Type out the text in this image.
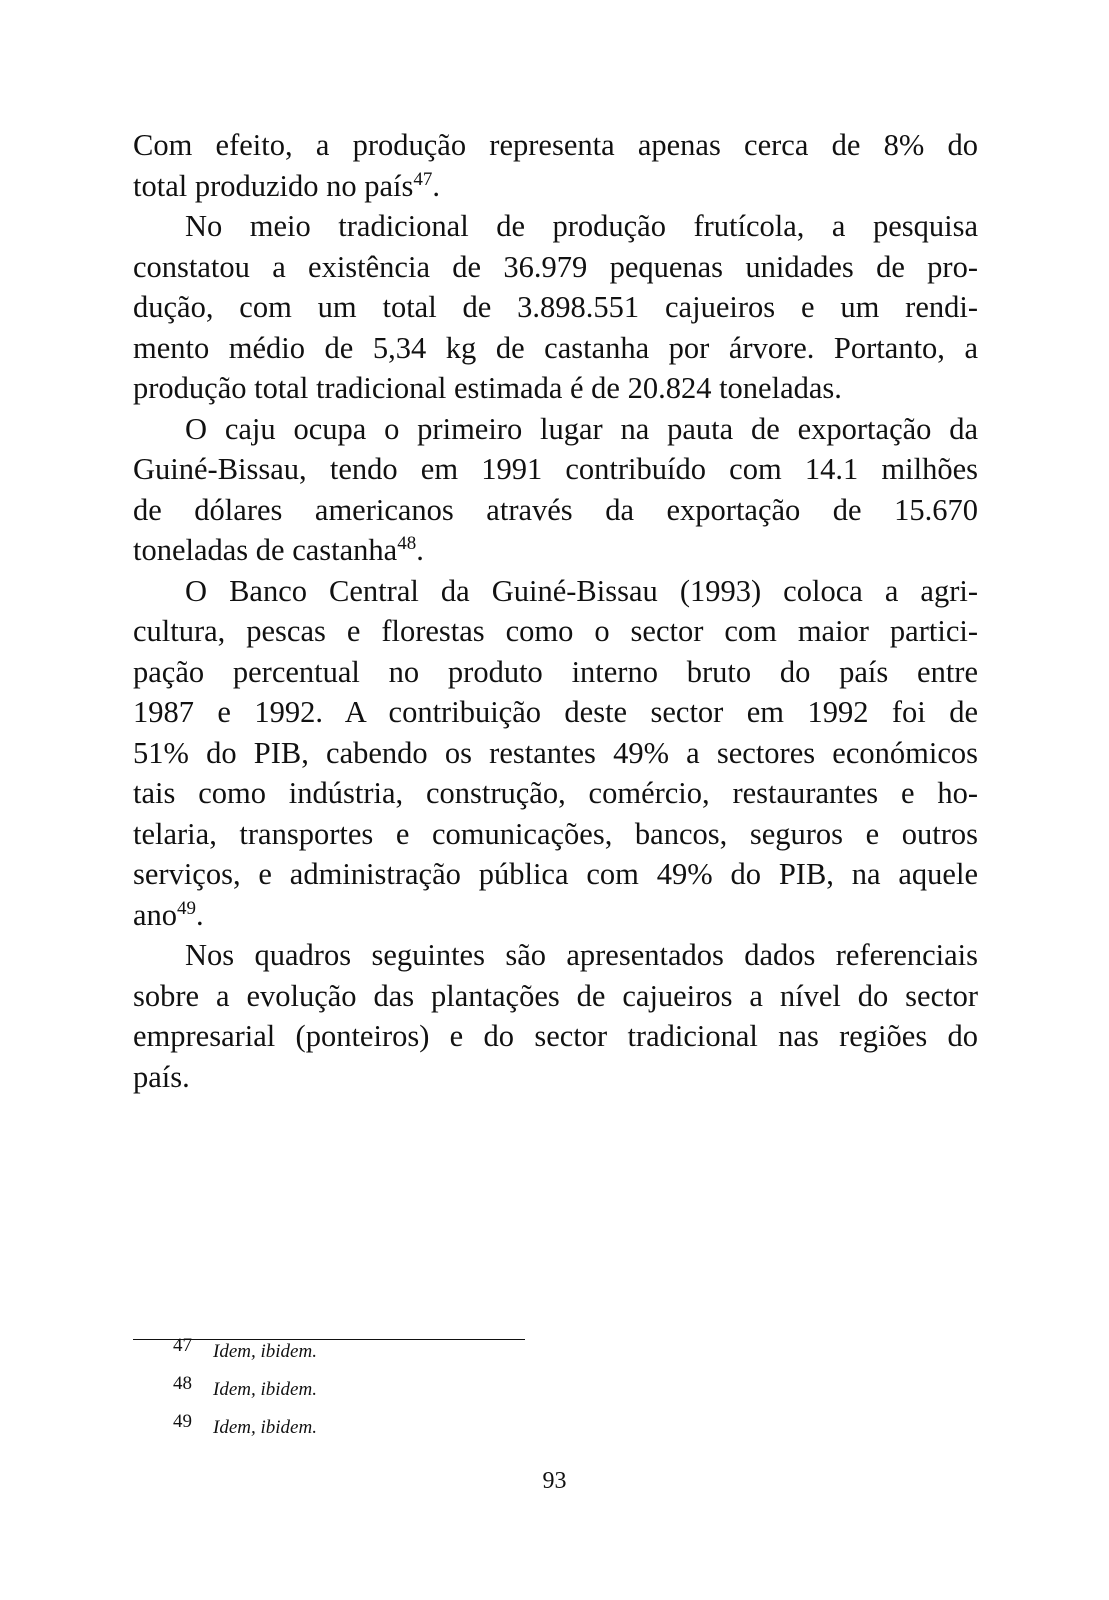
Com efeito, a produção representa apenas cerca de 8% do
total produzido no país$^{47}$.
No meio tradicional de produção frutícola, a pesquisa
constatou a existência de 36.979 pequenas unidades de pro-
dução, com um total de 3.898.551 cajueiros e um rendi-
mento médio de 5,34 kg de castanha por árvore. Portanto, a
produção total tradicional estimada é de 20.824 toneladas.
O caju ocupa o primeiro lugar na pauta de exportação da
Guiné-Bissau, tendo em 1991 contribuído com 14.1 milhões
de dólares americanos através da exportação de 15.670
toneladas de castanha$^{48}$.
O Banco Central da Guiné-Bissau (1993) coloca a agri-
cultura, pescas e florestas como o sector com maior partici-
pação percentual no produto interno bruto do país entre
1987 e 1992. A contribuição deste sector em 1992 foi de
51% do PIB, cabendo os restantes 49% a sectores económicos
tais como indústria, construção, comércio, restaurantes e ho-
telaria, transportes e comunicações, bancos, seguros e outros
serviços, e administração pública com 49% do PIB, na aquele
ano$^{49}$.
Nos quadros seguintes são apresentados dados referenciais
sobre a evolução das plantações de cajueiros a nível do sector
empresarial (ponteiros) e do sector tradicional nas regiões do
país.
47 Idem, ibidem.
48 Idem, ibidem.
49 Idem, ibidem.
93
